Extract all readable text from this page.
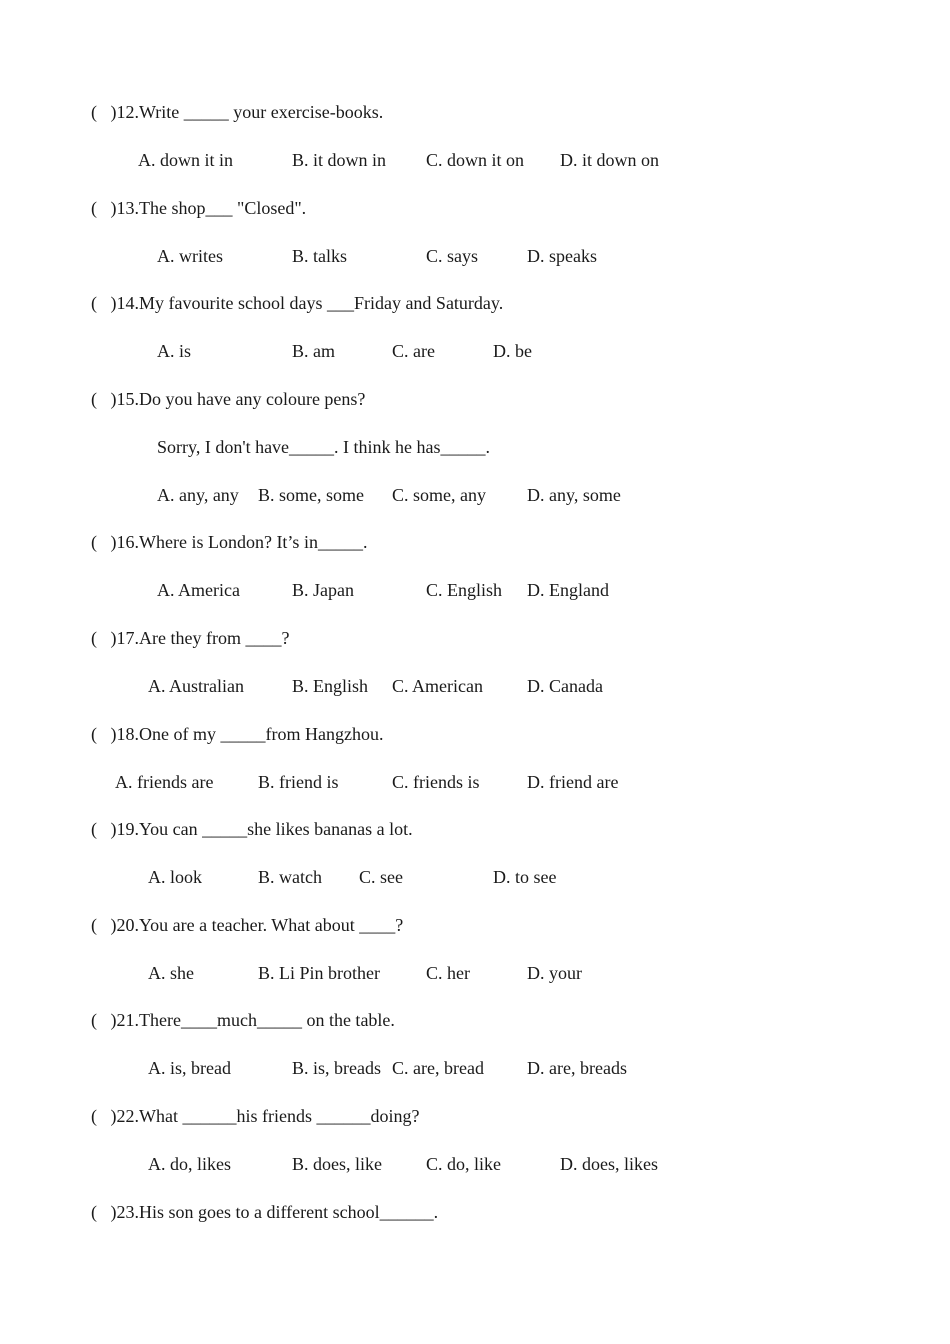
(   )12.Write _____ your exercise-books.
A. down it in	B. it down in C. down it on D. it down on
(   )13.The shop___ "Closed".
A. writes	B. talks	C. says	D. speaks
(   )14.My favourite school days ___Friday and Saturday.
A. is	B. am	C. are	D. be
(   )15.Do you have any coloure pens?
Sorry, I don't have_____. I think he has_____.
A. any, any B. some, some C. some, any D. any, some
(   )16.Where is London? It’s in_____.
A. America	B. Japan	C. English D. England
(   )17.Are they from ____?
A. Australian	B. English C. American D. Canada
(   )18.One of my _____from Hangzhou.
A. friends are B. friend is	C. friends is	D. friend are
(   )19.You can _____she likes bananas a lot.
A. look	B. watch C. see	D. to see
(   )20.You are a teacher. What about ____?
A. she	B. Li Pin brother	C. her	D. your
(   )21.There____much_____ on the table.
A. is, bread	B. is, breads C. are, bread D. are, breads
(   )22.What ______his friends ______doing?
A. do, likes	B. does, like C. do, like	D. does, likes
(   )23.His son goes to a different school______.
